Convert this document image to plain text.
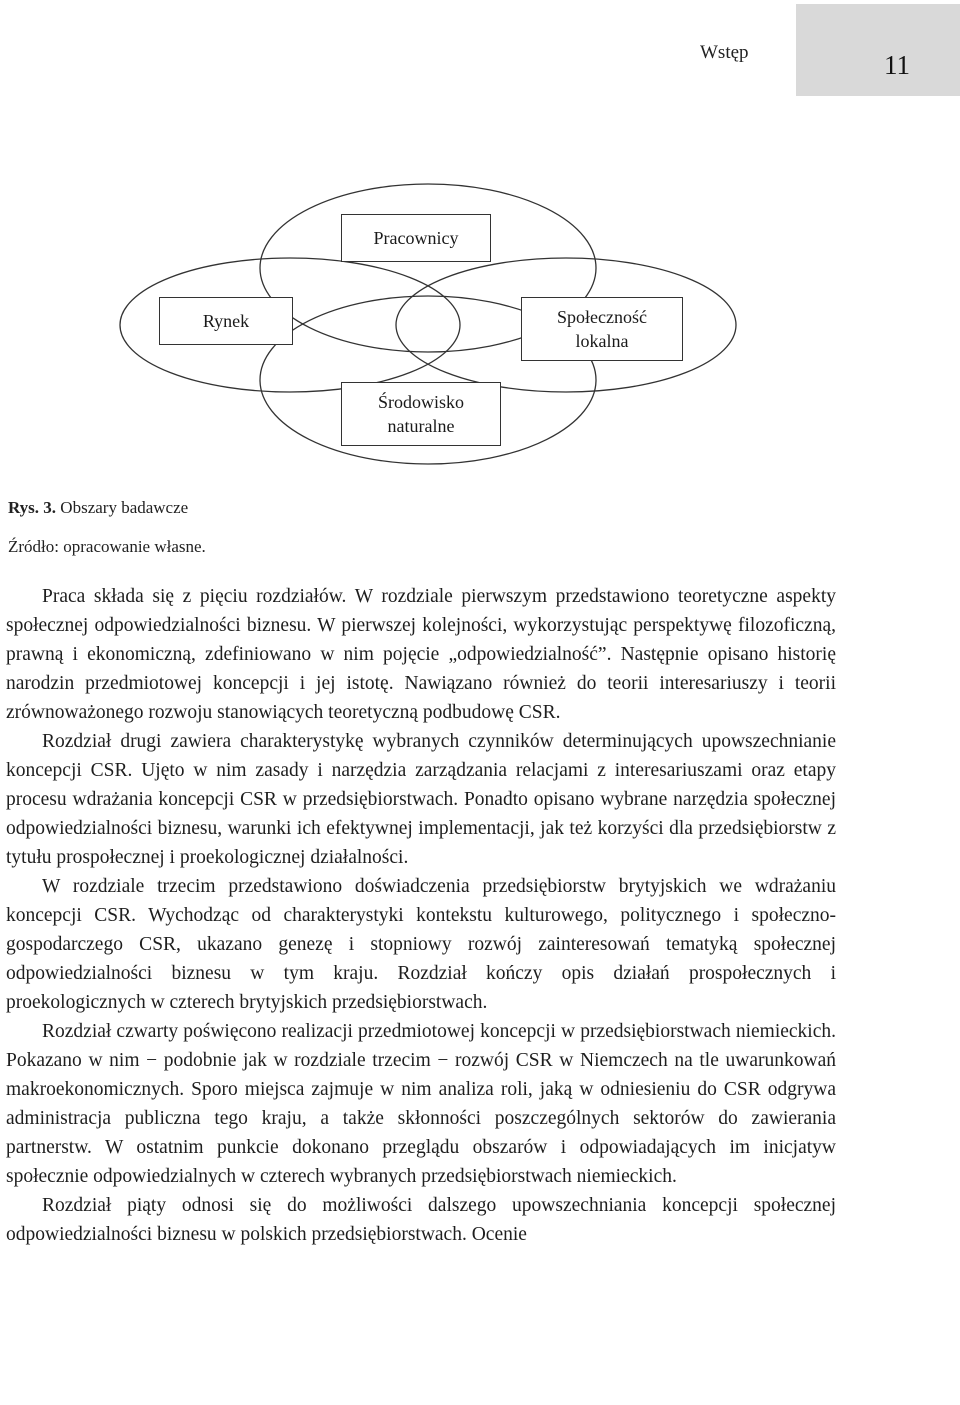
Wstęp	11
Pracownicy
Rynek	Społeczność
lokalna
Środowisko
naturalne
Rys. 3. Obszary badawcze
Źródło: opracowanie własne.

Praca składa się z pięciu rozdziałów. W rozdziale pierwszym przedstawiono teoretyczne aspekty społecznej odpowiedzialności biznesu. W pierwszej kolejności, wykorzystując perspektywę filozoficzną, prawną i ekonomiczną, zdefiniowano w nim pojęcie „odpowiedzialność”. Następnie opisano historię narodzin przedmiotowej koncepcji i jej istotę. Nawiązano również do teorii interesariuszy i teorii zrównoważonego rozwoju stanowiących teoretyczną podbudowę CSR.

Rozdział drugi zawiera charakterystykę wybranych czynników determinujących upowszechnianie koncepcji CSR. Ujęto w nim zasady i narzędzia zarządzania relacjami z interesariuszami oraz etapy procesu wdrażania koncepcji CSR w przedsiębiorstwach. Ponadto opisano wybrane narzędzia społecznej odpowiedzialności biznesu, warunki ich efektywnej implementacji, jak też korzyści dla przedsiębiorstw z tytułu prospołecznej i proekologicznej działalności.

W rozdziale trzecim przedstawiono doświadczenia przedsiębiorstw brytyjskich we wdrażaniu koncepcji CSR. Wychodząc od charakterystyki kontekstu kulturowego, politycznego i społeczno-gospodarczego CSR, ukazano genezę i stopniowy rozwój zainteresowań tematyką społecznej odpowiedzialności biznesu w tym kraju. Rozdział kończy opis działań prospołecznych i proekologicznych w czterech brytyjskich przedsiębiorstwach.

Rozdział czwarty poświęcono realizacji przedmiotowej koncepcji w przedsiębiorstwach niemieckich. Pokazano w nim − podobnie jak w rozdziale trzecim − rozwój CSR w Niemczech na tle uwarunkowań makroekonomicznych. Sporo miejsca zajmuje w nim analiza roli, jaką w odniesieniu do CSR odgrywa administracja publiczna tego kraju, a także skłonności poszczególnych sektorów do zawierania partnerstw. W ostatnim punkcie dokonano przeglądu obszarów i odpowiadających im inicjatyw społecznie odpowiedzialnych w czterech wybranych przedsiębiorstwach niemieckich.

Rozdział piąty odnosi się do możliwości dalszego upowszechniania koncepcji społecznej odpowiedzialności biznesu w polskich przedsiębiorstwach. Ocenie
